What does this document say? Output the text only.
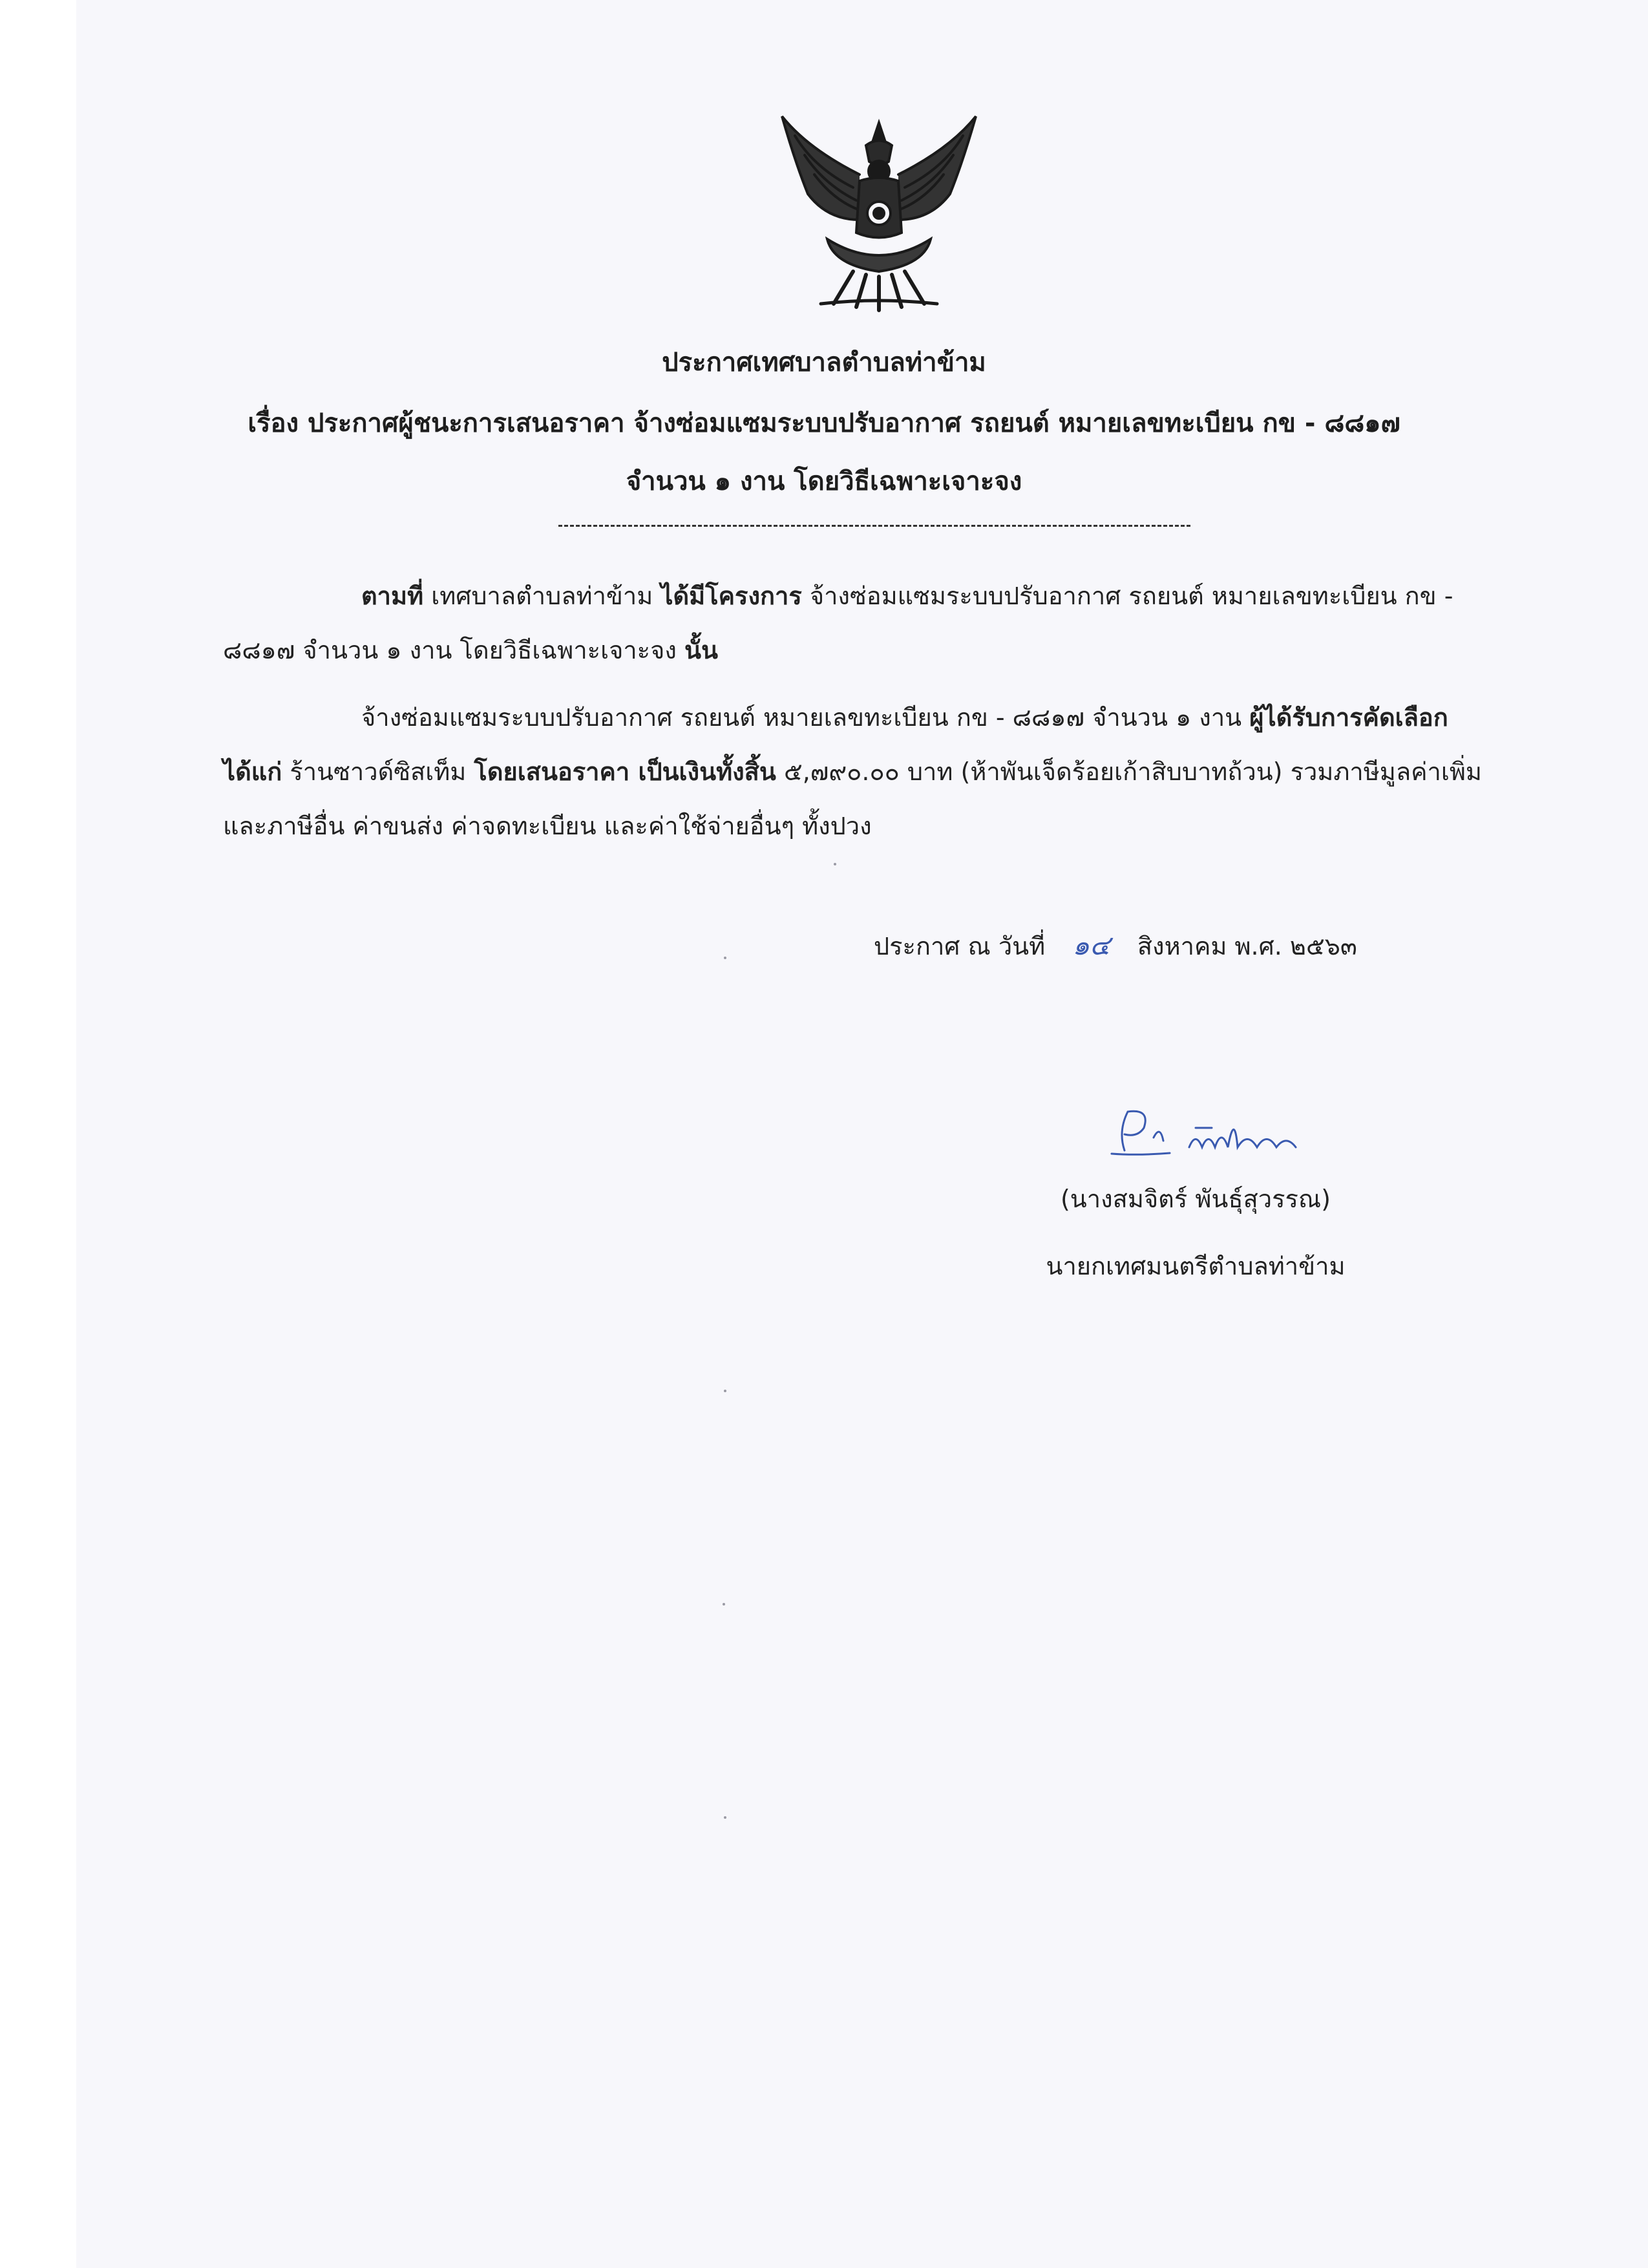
ประกาศเทศบาลตำบลท่าข้าม
เรื่อง ประกาศผู้ชนะการเสนอราคา จ้างซ่อมแซมระบบปรับอากาศ รถยนต์ หมายเลขทะเบียน กข - ๘๘๑๗
จำนวน ๑ งาน โดยวิธีเฉพาะเจาะจง

ตามที่ เทศบาลตำบลท่าข้าม ได้มีโครงการ จ้างซ่อมแซมระบบปรับอากาศ รถยนต์ หมายเลขทะเบียน กข - ๘๘๑๗ จำนวน ๑ งาน โดยวิธีเฉพาะเจาะจง นั้น

จ้างซ่อมแซมระบบปรับอากาศ รถยนต์ หมายเลขทะเบียน กข - ๘๘๑๗ จำนวน ๑ งาน ผู้ได้รับการคัดเลือก ได้แก่ ร้านซาวด์ซิสเท็ม โดยเสนอราคา เป็นเงินทั้งสิ้น ๕,๗๙๐.๐๐ บาท (ห้าพันเจ็ดร้อยเก้าสิบบาทถ้วน) รวมภาษีมูลค่าเพิ่มและภาษีอื่น ค่าขนส่ง ค่าจดทะเบียน และค่าใช้จ่ายอื่นๆ ทั้งปวง

ประกาศ ณ วันที่ ๑๔ สิงหาคม พ.ศ. ๒๕๖๓
(นางสมจิตร์ พันธุ์สุวรรณ)
นายกเทศมนตรีตำบลท่าข้าม
